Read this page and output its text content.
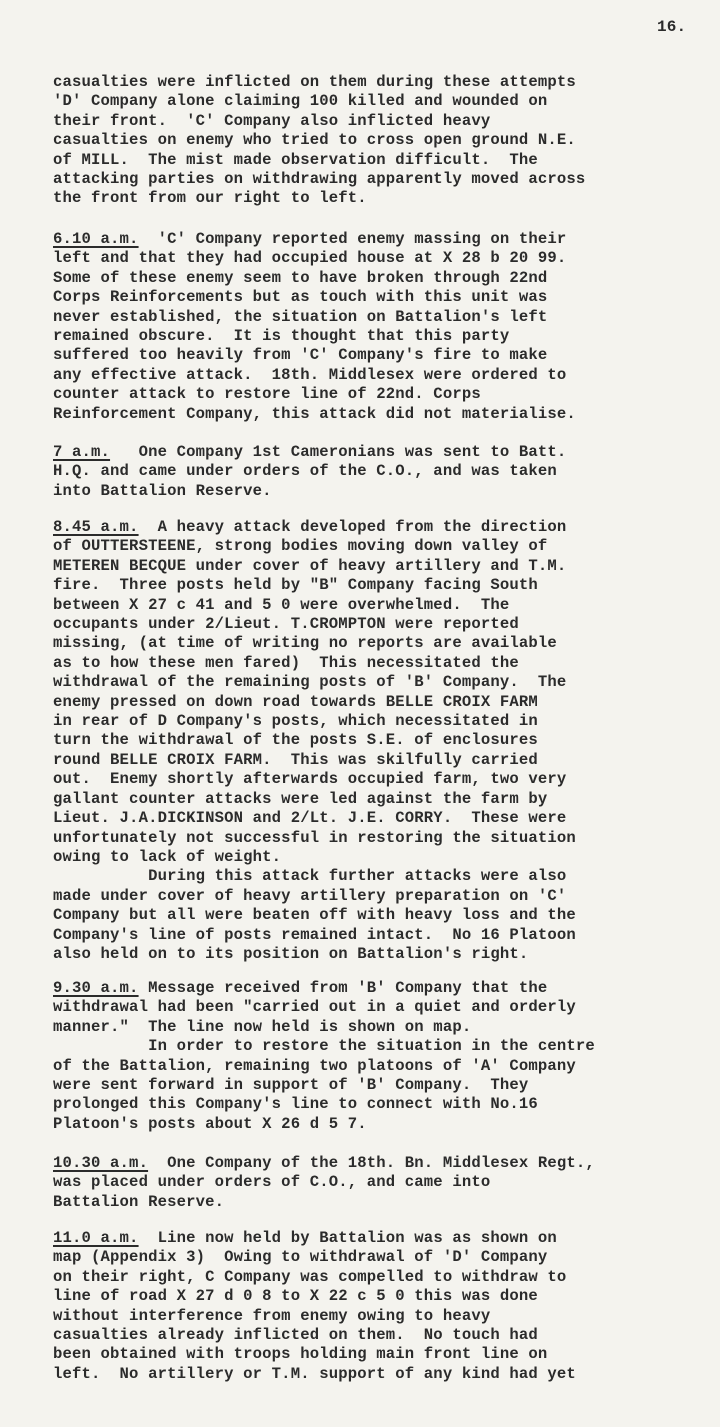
16.
casualties were inflicted on them during these attempts
'D' Company alone claiming 100 killed and wounded on
their front.  'C' Company also inflicted heavy
casualties on enemy who tried to cross open ground N.E.
of MILL.  The mist made observation difficult.  The
attacking parties on withdrawing apparently moved across
the front from our right to left.
6.10 a.m.  'C' Company reported enemy massing on their
left and that they had occupied house at X 28 b 20 99.
Some of these enemy seem to have broken through 22nd
Corps Reinforcements but as touch with this unit was
never established, the situation on Battalion's left
remained obscure.  It is thought that this party
suffered too heavily from 'C' Company's fire to make
any effective attack.  18th. Middlesex were ordered to
counter attack to restore line of 22nd. Corps
Reinforcement Company, this attack did not materialise.
7 a.m.   One Company 1st Cameronians was sent to Batt.
H.Q. and came under orders of the C.O., and was taken
into Battalion Reserve.
8.45 a.m.  A heavy attack developed from the direction
of OUTTERSTEENE, strong bodies moving down valley of
METEREN BECQUE under cover of heavy artillery and T.M.
fire.  Three posts held by "B" Company facing South
between X 27 c 41 and 5 0 were overwhelmed.  The
occupants under 2/Lieut. T.CROMPTON were reported
missing, (at time of writing no reports are available
as to how these men fared)  This necessitated the
withdrawal of the remaining posts of 'B' Company.  The
enemy pressed on down road towards BELLE CROIX FARM
in rear of D Company's posts, which necessitated in
turn the withdrawal of the posts S.E. of enclosures
round BELLE CROIX FARM.  This was skilfully carried
out.  Enemy shortly afterwards occupied farm, two very
gallant counter attacks were led against the farm by
Lieut. J.A.DICKINSON and 2/Lt. J.E. CORRY.  These were
unfortunately not successful in restoring the situation
owing to lack of weight.
During this attack further attacks were also
made under cover of heavy artillery preparation on 'C'
Company but all were beaten off with heavy loss and the
Company's line of posts remained intact.  No 16 Platoon
also held on to its position on Battalion's right.
9.30 a.m. Message received from 'B' Company that the
withdrawal had been "carried out in a quiet and orderly
manner."  The line now held is shown on map.
In order to restore the situation in the centre
of the Battalion, remaining two platoons of 'A' Company
were sent forward in support of 'B' Company.  They
prolonged this Company's line to connect with No.16
Platoon's posts about X 26 d 5 7.
10.30 a.m.  One Company of the 18th. Bn. Middlesex Regt.,
was placed under orders of C.O., and came into
Battalion Reserve.
11.0 a.m.  Line now held by Battalion was as shown on
map (Appendix 3)  Owing to withdrawal of 'D' Company
on their right, C Company was compelled to withdraw to
line of road X 27 d 0 8 to X 22 c 5 0 this was done
without interference from enemy owing to heavy
casualties already inflicted on them.  No touch had
been obtained with troops holding main front line on
left.  No artillery or T.M. support of any kind had yet
